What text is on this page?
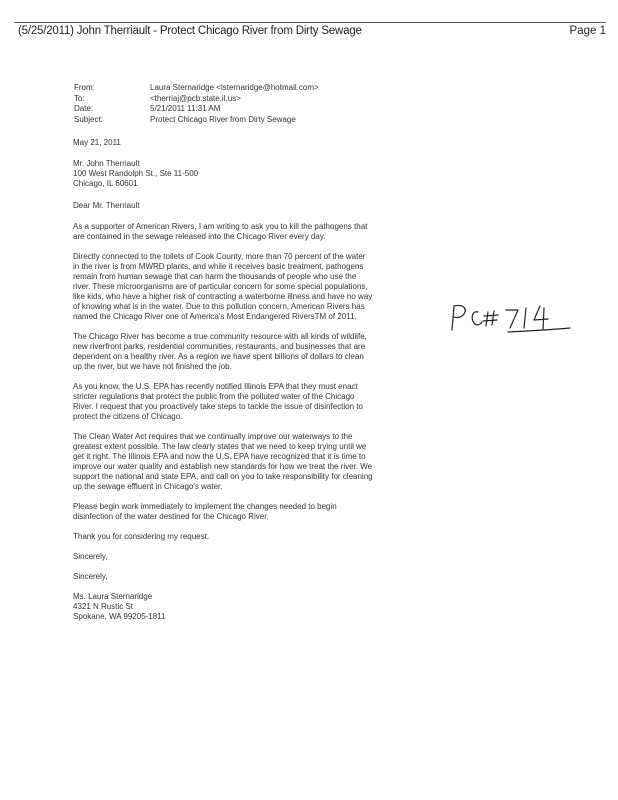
(5/25/2011) John Therriault - Protect Chicago River from Dirty Sewage	Page 1
From:	Laura Sternaridge <lsternaridge@hotmail.com>
To:	<therriaj@pcb.state.il.us>
Date:	5/21/2011 11:31 AM
Subject:	Protect Chicago River from Dirty Sewage

May 21, 2011

Mr. John Therriault
100 West Randolph St., Ste 11-500
Chicago, IL 60601

Dear Mr. Therriault

As a supporter of American Rivers, I am writing to ask you to kill the pathogens that are contained in the sewage released into the Chicago River every day.

Directly connected to the toilets of Cook County, more than 70 percent of the water in the river is from MWRD plants, and while it receives basic treatment, pathogens remain from human sewage that can harm the thousands of people who use the river. These microorganisms are of particular concern for some special populations, like kids, who have a higher risk of contracting a waterborne illness and have no way of knowing what is in the water. Due to this pollution concern, American Rivers has named the Chicago River one of America's Most Endangered RiversTM of 2011.

The Chicago River has become a true community resource with all kinds of wildlife, new riverfront parks, residential communities, restaurants, and businesses that are dependent on a healthy river. As a region we have spent billions of dollars to clean up the river, but we have not finished the job.

As you know, the U.S. EPA has recently notified Illinois EPA that they must enact stricter regulations that protect the public from the polluted water of the Chicago River. I request that you proactively take steps to tackle the issue of disinfection to protect the citizens of Chicago.

The Clean Water Act requires that we continually improve our waterways to the greatest extent possible. The law clearly states that we need to keep trying until we get it right. The Illinois EPA and now the U.S. EPA have recognized that it is time to improve our water quality and establish new standards for how we treat the river. We support the national and state EPA, and call on you to take responsibility for cleaning up the sewage effluent in Chicago's water.

Please begin work immediately to implement the changes needed to begin disinfection of the water destined for the Chicago River.

Thank you for considering my request.

Sincerely,

Sincerely,

Ms. Laura Sternaridge
4321 N Rustic St
Spokane, WA 99205-1811
